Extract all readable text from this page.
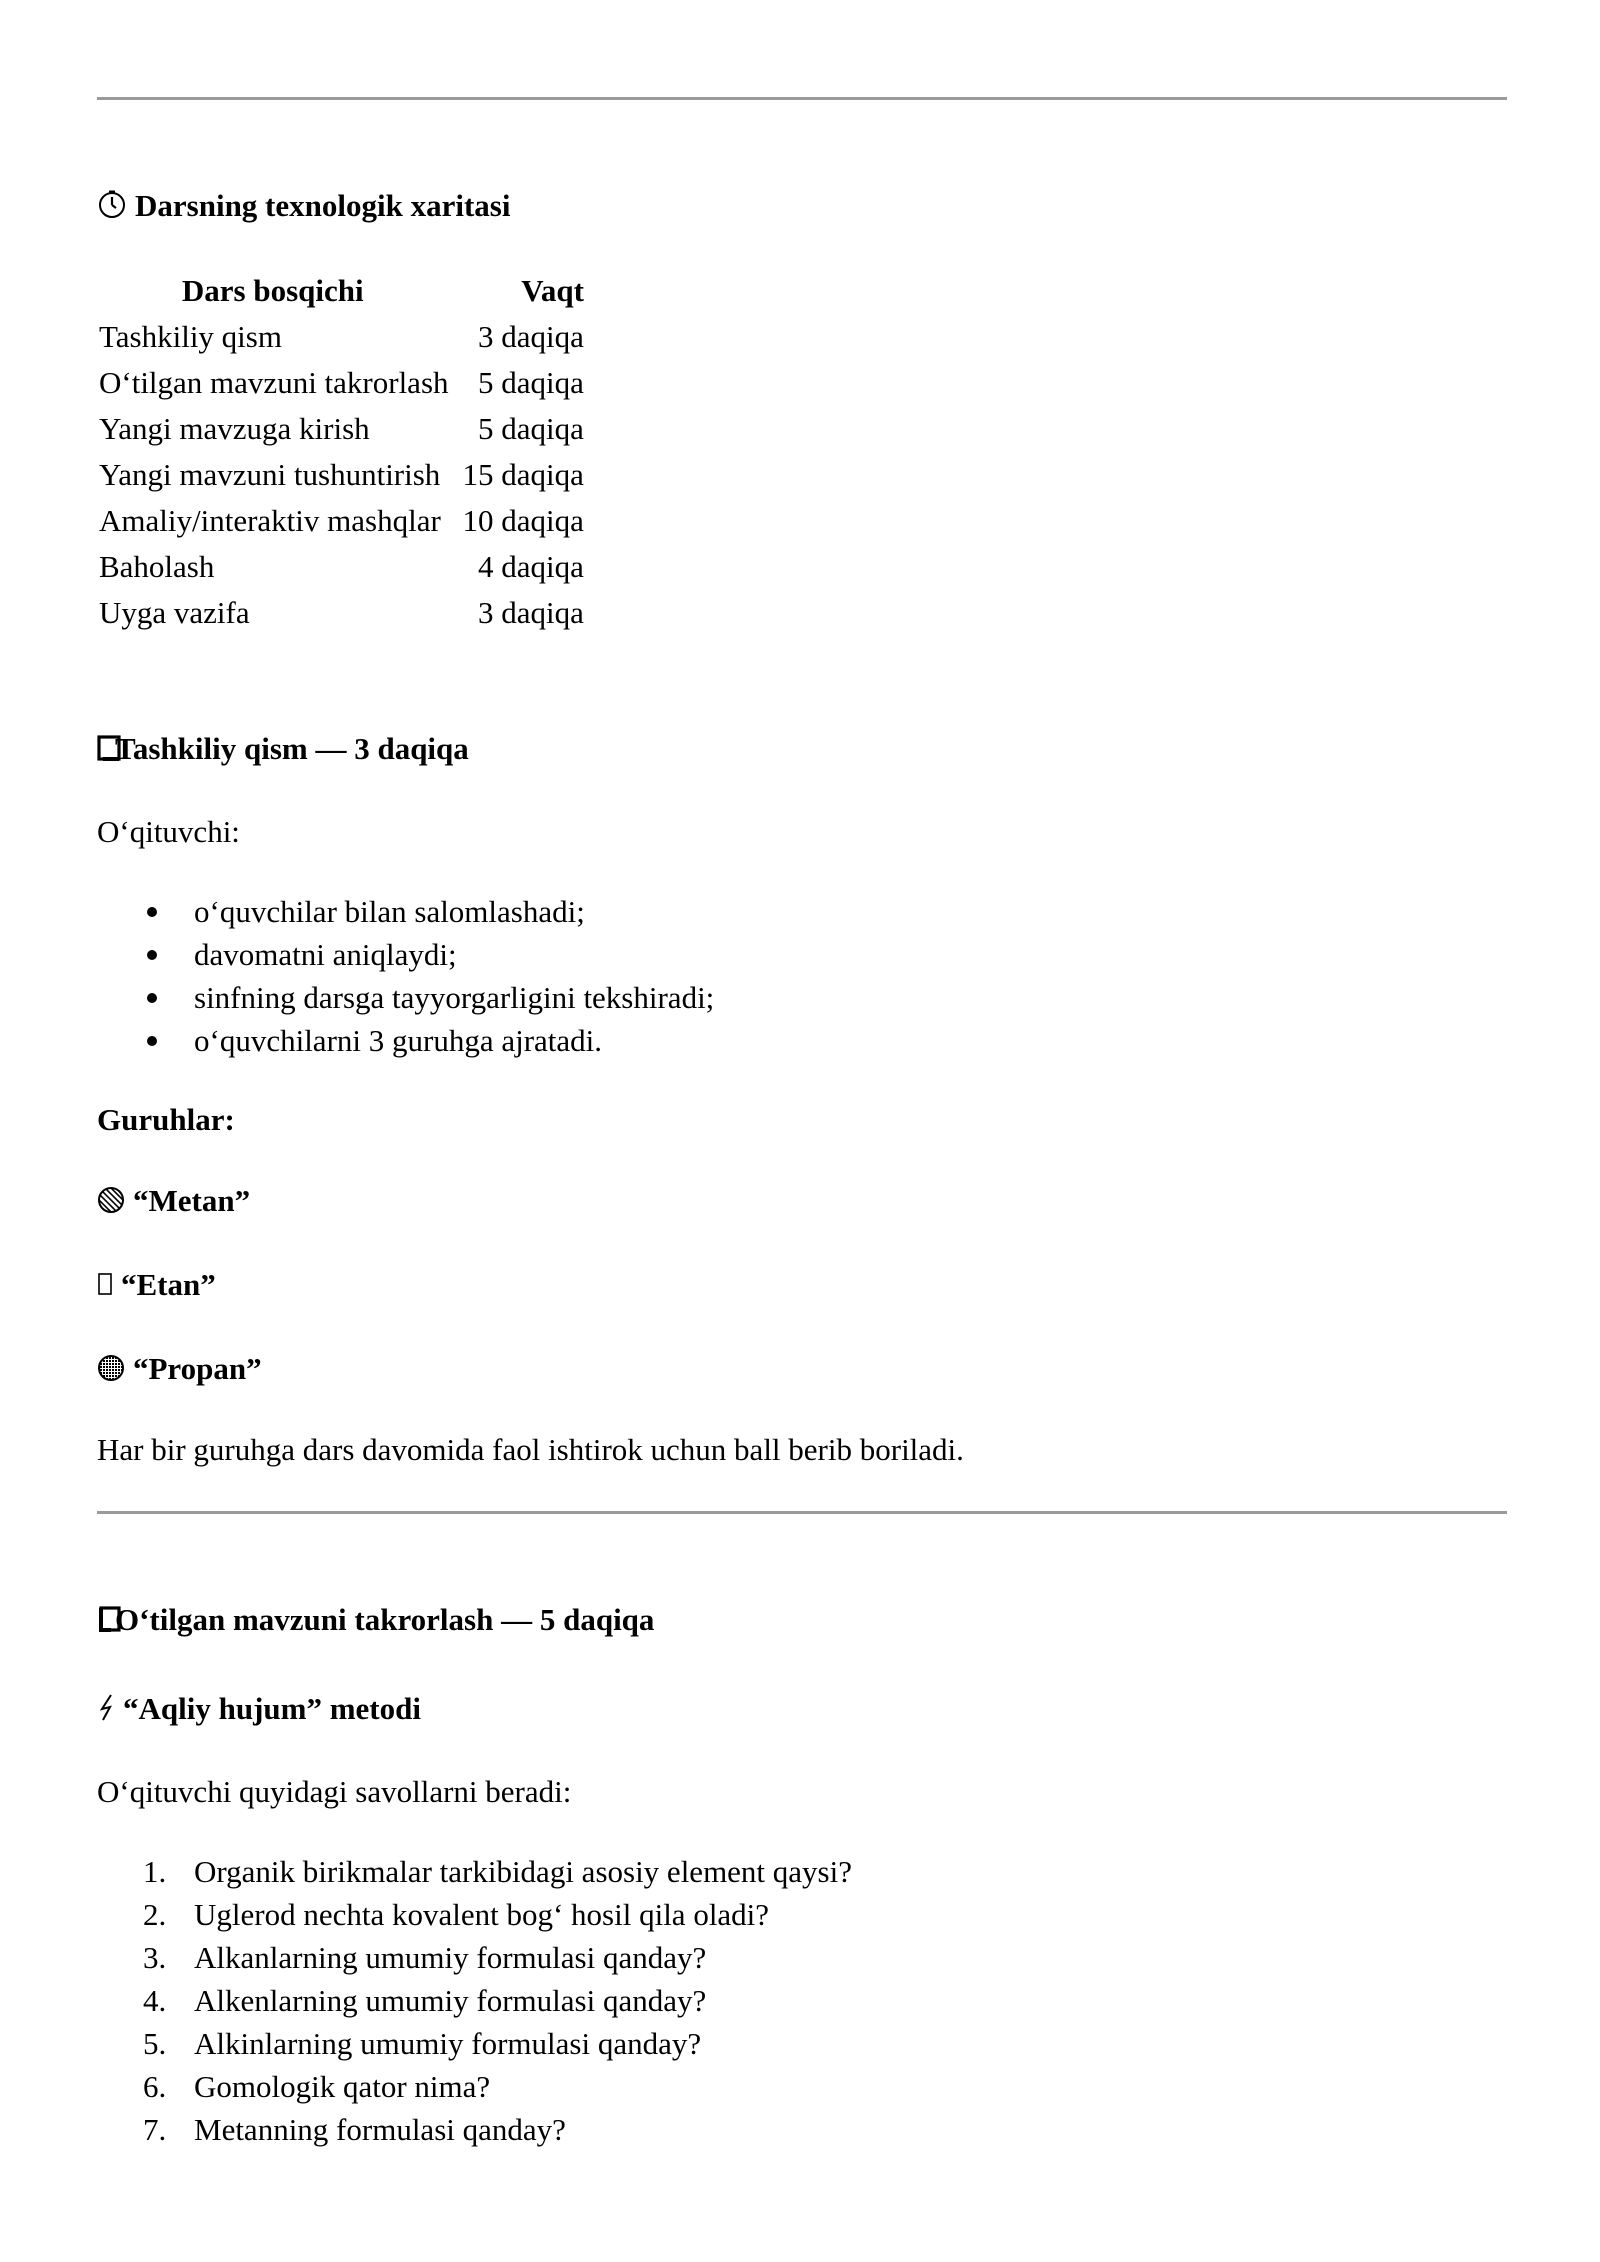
Darsning texnologik xaritasi
Dars bosqichi	Vaqt
Tashkiliy qism	3 daqiqa
O‘tilgan mavzuni takrorlash	5 daqiqa
Yangi mavzuga kirish	5 daqiqa
Yangi mavzuni tushuntirish	15 daqiqa
Amaliy/interaktiv mashqlar	10 daqiqa
Baholash	4 daqiqa
Uyga vazifa	3 daqiqa
Tashkiliy qism — 3 daqiqa
O‘qituvchi:
o‘quvchilar bilan salomlashadi;
davomatni aniqlaydi;
sinfning darsga tayyorgarligini tekshiradi;
o‘quvchilarni 3 guruhga ajratadi.
Guruhlar:
“Metan”
“Etan”
“Propan”
Har bir guruhga dars davomida faol ishtirok uchun ball berib boriladi.
O‘tilgan mavzuni takrorlash — 5 daqiqa
“Aqliy hujum” metodi
O‘qituvchi quyidagi savollarni beradi:
1. Organik birikmalar tarkibidagi asosiy element qaysi?
2. Uglerod nechta kovalent bog‘ hosil qila oladi?
3. Alkanlarning umumiy formulasi qanday?
4. Alkenlarning umumiy formulasi qanday?
5. Alkinlarning umumiy formulasi qanday?
6. Gomologik qator nima?
7. Metanning formulasi qanday?
